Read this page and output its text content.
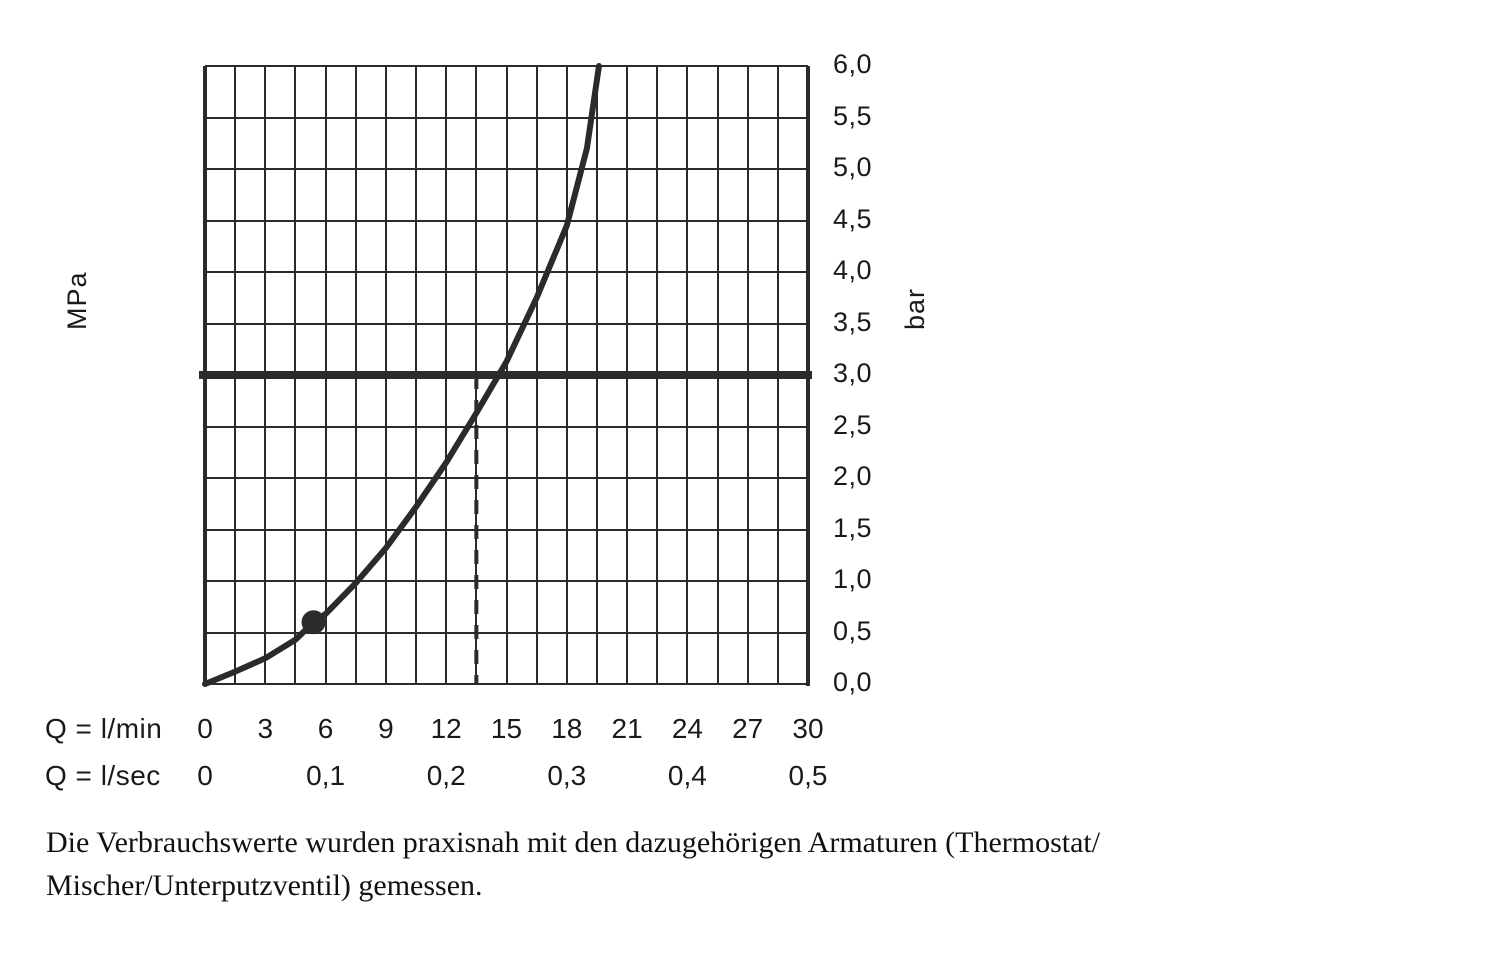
MPa	bar
6,0
5,5
5,0
4,5
4,0
3,5
3,0
2,5
2,0
1,5
1,0
0,5
0,0
Q = l/min 0 3 6 9 12 15 18 21 24 27 30
Q = l/sec 0	0,1	0,2	0,3	0,4	0,5
Die Verbrauchswerte wurden praxisnah mit den dazugehörigen Armaturen (Thermostat/ Mischer/Unterputzventil) gemessen.
